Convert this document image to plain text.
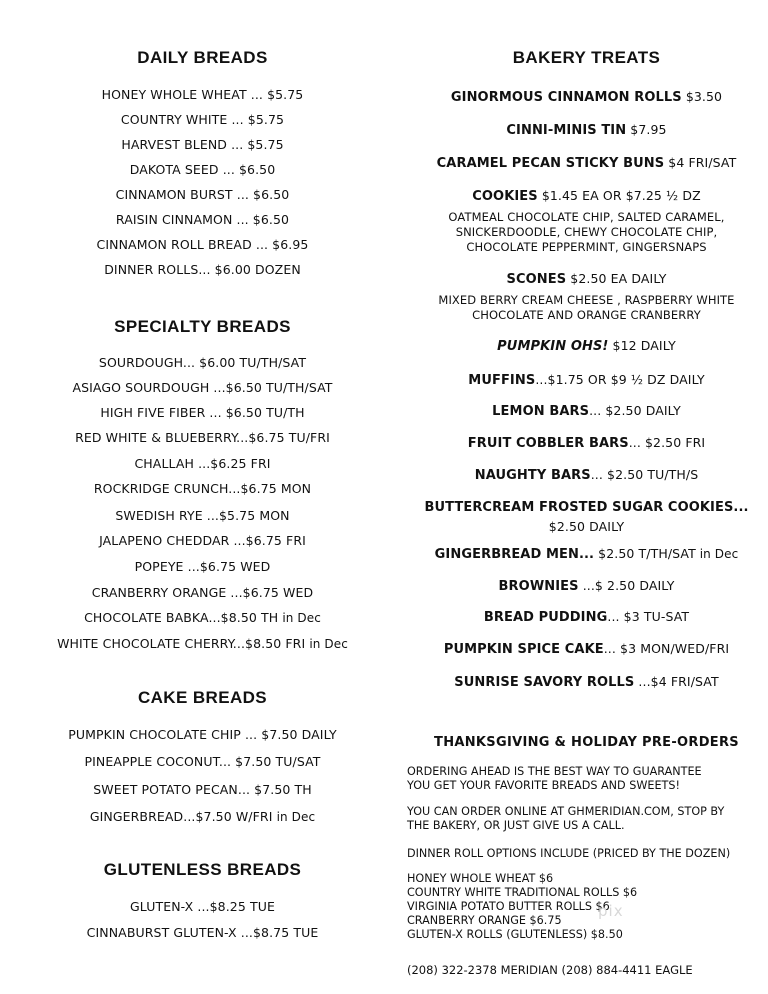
DAILY BREADS
HONEY WHOLE WHEAT ... $5.75
COUNTRY WHITE ... $5.75
HARVEST BLEND ... $5.75
DAKOTA SEED ... $6.50
CINNAMON BURST ... $6.50
RAISIN CINNAMON ... $6.50
CINNAMON ROLL BREAD ... $6.95
DINNER ROLLS... $6.00 DOZEN
SPECIALTY BREADS
SOURDOUGH... $6.00 TU/TH/SAT
ASIAGO SOURDOUGH ...$6.50 TU/TH/SAT
HIGH FIVE FIBER ... $6.50 TU/TH
RED WHITE & BLUEBERRY...$6.75 TU/FRI
CHALLAH ...$6.25 FRI
ROCKRIDGE CRUNCH...$6.75 MON
SWEDISH RYE ...$5.75 MON
JALAPENO CHEDDAR ...$6.75 FRI
POPEYE ...$6.75 WED
CRANBERRY ORANGE ...$6.75 WED
CHOCOLATE BABKA...$8.50 TH in Dec
WHITE CHOCOLATE CHERRY...$8.50 FRI in Dec
CAKE BREADS
PUMPKIN CHOCOLATE CHIP ... $7.50 DAILY
PINEAPPLE COCONUT... $7.50 TU/SAT
SWEET POTATO PECAN... $7.50 TH
GINGERBREAD...$7.50 W/FRI in Dec
GLUTENLESS BREADS
GLUTEN-X ...$8.25 TUE
CINNABURST GLUTEN-X ...$8.75 TUE
BAKERY TREATS
GINORMOUS CINNAMON ROLLS $3.50
CINNI-MINIS TIN $7.95
CARAMEL PECAN STICKY BUNS $4 FRI/SAT
COOKIES $1.45 EA OR $7.25 ½ DZ
OATMEAL CHOCOLATE CHIP, SALTED CARAMEL,
SNICKERDOODLE, CHEWY CHOCOLATE CHIP,
CHOCOLATE PEPPERMINT, GINGERSNAPS
SCONES $2.50 EA DAILY
MIXED BERRY CREAM CHEESE , RASPBERRY WHITE
CHOCOLATE AND ORANGE CRANBERRY
PUMPKIN OHS! $12 DAILY
MUFFINS...$1.75 OR $9 ½ DZ DAILY
LEMON BARS... $2.50 DAILY
FRUIT COBBLER BARS... $2.50 FRI
NAUGHTY BARS... $2.50 TU/TH/S
BUTTERCREAM FROSTED SUGAR COOKIES...
$2.50 DAILY
GINGERBREAD MEN... $2.50 T/TH/SAT in Dec
BROWNIES ...$ 2.50 DAILY
BREAD PUDDING... $3 TU-SAT
PUMPKIN SPICE CAKE... $3 MON/WED/FRI
SUNRISE SAVORY ROLLS ...$4 FRI/SAT
THANKSGIVING & HOLIDAY PRE-ORDERS
ORDERING AHEAD IS THE BEST WAY TO GUARANTEE
YOU GET YOUR FAVORITE BREADS AND SWEETS!
YOU CAN ORDER ONLINE AT GHMERIDIAN.COM, STOP BY
THE BAKERY, OR JUST GIVE US A CALL.
DINNER ROLL OPTIONS INCLUDE (PRICED BY THE DOZEN)
HONEY WHOLE WHEAT $6
COUNTRY WHITE TRADITIONAL ROLLS $6
VIRGINIA POTATO BUTTER ROLLS $6
CRANBERRY ORANGE $6.75
GLUTEN-X ROLLS (GLUTENLESS) $8.50
(208) 322-2378 MERIDIAN (208) 884-4411 EAGLE
pix
